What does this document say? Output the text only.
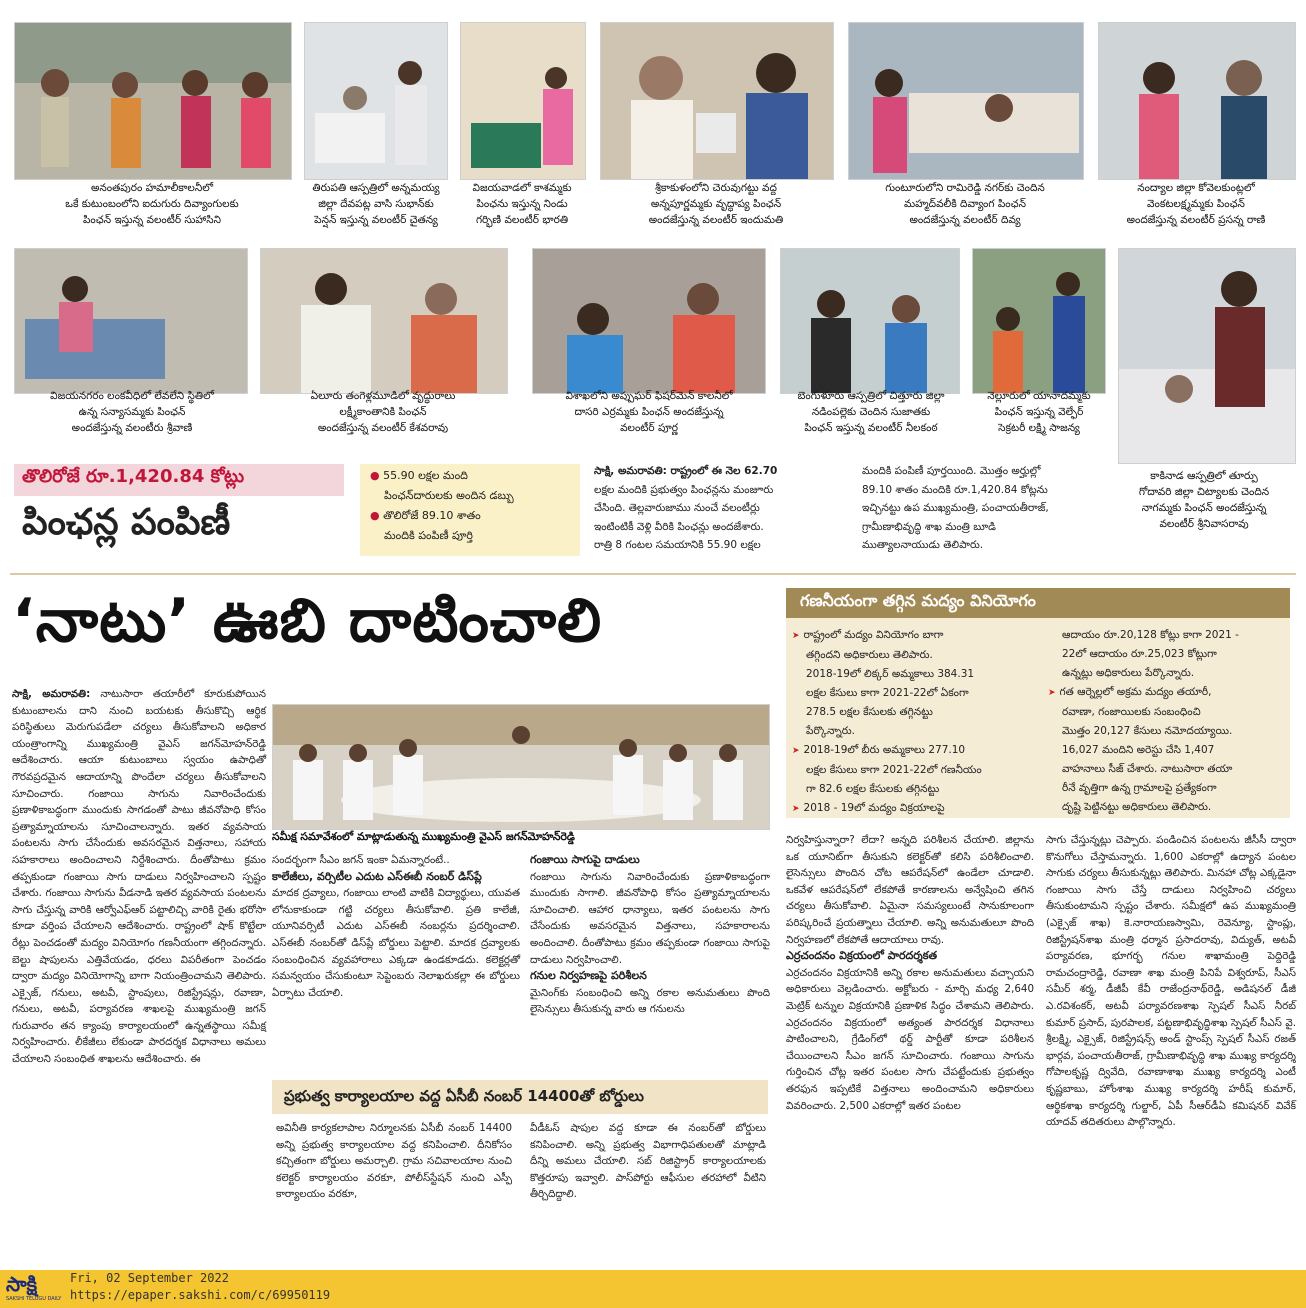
అనంతపురం హమాలీకాలనీలో
ఒకే కుటుంబంలోని ఐదుగురు దివ్యాంగులకు
పింఛన్‌ ఇస్తున్న వలంటీర్‌ సుహాసిని
తిరుపతి ఆస్పత్రిలో అన్నమయ్య
జిల్లా దేవపట్ల వాసి సుభాన్‌కు
పెన్షన్‌ ఇస్తున్న వలంటీర్‌ చైతన్య
విజయవాడలో కాశమ్మకు
పింఛను ఇస్తున్న నిండు
గర్భిణి వలంటీర్‌ భారతి
శ్రీకాకుళంలోని చెరువుగట్టు వద్ద
అన్నపూర్ణమ్మకు వృద్ధాప్య పింఛన్‌
అందజేస్తున్న వలంటీర్‌ ఇందుమతి
గుంటూరులోని రామిరెడ్డి నగర్‌కు చెందిన
మహ్మద్‌వలీకి దివ్యాంగ పింఛన్‌
అందజేస్తున్న వలంటీర్‌ దివ్య
నంద్యాల జిల్లా కోవెలకుంట్లలో
వెంకటలక్ష్మమ్మకు పింఛన్‌
అందజేస్తున్న వలంటీర్‌ ప్రసన్న రాణి
విజయనగరం లంకవీధిలో లేవలేని స్థితిలో
ఉన్న సన్యాసమ్మకు పింఛన్‌
అందజేస్తున్న వలంటీరు శ్రీవాణి
ఏలూరు తంగెళ్లమూడిలో వృద్ధురాలు
లక్ష్మీకాంతానికి పింఛన్‌
అందజేస్తున్న వలంటీర్‌ కేశవరావు
విశాఖలోని అప్పుఘర్‌ ఫిషర్‌మెన్‌ కాలనీలో
దాసరి ఎర్రమ్మకు పింఛన్‌ అందజేస్తున్న
వలంటీర్‌ పూర్ణ
బెంగుళూరు ఆస్పత్రిలో చిత్తూరు జిల్లా
నడింపల్లెకు చెందిన సుజాతకు
పింఛన్‌ ఇస్తున్న వలంటీర్‌ నీలకంఠ
నెల్లూరులో యానాదమ్మకు
పింఛన్‌ ఇస్తున్న వెల్ఫేర్‌
సెక్రటరీ లక్ష్మి సాజన్య
కాకినాడ ఆస్పత్రిలో తూర్పు
గోదావరి జిల్లా చిట్యాలకు చెందిన
నాగమ్మకు పింఛన్‌ అందజేస్తున్న
వలంటీర్‌ శ్రీనివాసరావు
తొలిరోజే రూ.1,420.84 కోట్లు
పింఛన్ల పంపిణీ
● 55.90 లక్షల మంది
పింఛన్‌దారులకు అందిన డబ్బు
● తొలిరోజే 89.10 శాతం
మందికి పంపిణీ పూర్తి
సాక్షి, అమరావతి: రాష్ట్రంలో ఈ నెల 62.70
లక్షల మందికి ప్రభుత్వం పింఛన్లను మంజూరు
చేసింది. తెల్లవారుజాము నుంచే వలంటీర్లు
ఇంటింటికీ వెళ్లి వీరికి పింఛన్లు అందజేశారు.
రాత్రి 8 గంటల సమయానికి 55.90 లక్షల
మందికి పంపిణీ పూర్తయింది. మొత్తం అర్హుల్లో
89.10 శాతం మందికి రూ.1,420.84 కోట్లను
ఇచ్చినట్టు ఉప ముఖ్యమంత్రి, పంచాయతీరాజ్,
గ్రామీణాభివృద్ధి శాఖ మంత్రి బూడి
ముత్యాలనాయుడు తెలిపారు.
‘నాటు’ ఊబి దాటించాలి	గణనీయంగా తగ్గిన మద్యం వినియోగం
➤ రాష్ట్రంలో మద్యం వినియోగం బాగా
తగ్గిందని అధికారులు తెలిపారు.
2018-19లో లిక్కర్‌ అమ్మకాలు 384.31
లక్షల కేసులు కాగా 2021-22లో ఏకంగా
278.5 లక్షల కేసులకు తగ్గినట్టు
పేర్కొన్నారు.
➤ 2018-19లో బీరు అమ్మకాలు 277.10
లక్షల కేసులు కాగా 2021-22లో గణనీయం
గా 82.6 లక్షల కేసులకు తగ్గినట్టు
➤ 2018 - 19లో మద్యం విక్రయాలపై
ఆదాయం రూ.20,128 కోట్లు కాగా 2021 -
22లో ఆదాయం రూ.25,023 కోట్లుగా
ఉన్నట్లు అధికారులు పేర్కొన్నారు.
➤ గత ఆర్నెల్లలో అక్రమ మద్యం తయారీ,
రవాణా, గంజాయిలకు సంబంధించి
మొత్తం 20,127 కేసులు నమోదయ్యాయి.
16,027 మందిని అరెస్టు చేసి 1,407
వాహనాలు సీజ్‌ చేశారు. నాటుసారా తయా
రీనే వృత్తిగా ఉన్న గ్రామాలపై ప్రత్యేకంగా
దృష్టి పెట్టినట్టు అధికారులు తెలిపారు.
సమీక్ష సమావేశంలో మాట్లాడుతున్న ముఖ్యమంత్రి వైఎస్‌ జగన్‌మోహన్‌రెడ్డి
సాక్షి, అమరావతి: నాటుసారా తయారీలో కూరుకుపోయిన కుటుంబాలను దాని నుంచి బయటకు తీసుకొచ్చి ఆర్థిక పరిస్థితులు మెరుగుపడేలా చర్యలు తీసుకోవాలని అధికార యంత్రాంగాన్ని ముఖ్యమంత్రి వైఎస్‌ జగన్‌మోహన్‌రెడ్డి ఆదేశించారు. ఆయా కుటుంబాలు స్వయం ఉపాధితో గౌరవప్రదమైన ఆదాయాన్ని పొందేలా చర్యలు తీసుకోవాలని సూచించారు. గంజాయి సాగును నివారించేందుకు ప్రణాళికాబద్ధంగా ముందుకు సాగడంతో పాటు జీవనోపాధి కోసం ప్రత్యామ్నాయాలను సూచించాలన్నారు. ఇతర వ్యవసాయ పంటలను సాగు చేసేందుకు అవసరమైన విత్తనాలు, సహాయ సహకారాలు అందించాలని నిర్దేశించారు. దీంతోపాటు క్రమం తప్పకుండా గంజాయి సాగు దాడులు నిర్వహించాలని స్పష్టం చేశారు. గంజాయి సాగును వీడనాడి ఇతర వ్యవసాయ పంటలను సాగు చేస్తున్న వారికి ఆర్వోఎఫ్‌ఆర్‌ పట్టాలిచ్చి వారికి రైతు భరోసా కూడా వర్తింప చేయాలని ఆదేశించారు. రాష్ట్రంలో షాక్‌ కొట్టేలా రేట్లు పెంచడంతో మద్యం వినియోగం గణనీయంగా తగ్గిందన్నారు. బెల్టు షాపులను ఎత్తివేయడం, ధరలు విపరీతంగా పెంచడం ద్వారా మద్యం వినియోగాన్ని బాగా నియంత్రించామని తెలిపారు. ఎక్సైజ్, గనులు, అటవీ, స్టాంపులు, రిజిస్ట్రేషన్లు, రవాణా, గనులు, అటవీ, పర్యావరణ శాఖలపై ముఖ్యమంత్రి జగన్‌ గురువారం తన క్యాంపు కార్యాలయంలో ఉన్నతస్థాయి సమీక్ష నిర్వహించారు. లీకేజీలు లేకుండా పారదర్శక విధానాలు అమలు చేయాలని సంబంధిత శాఖలను ఆదేశించారు. ఈ

సందర్భంగా సీఎం జగన్‌ ఇంకా ఏమన్నారంటే..

కాలేజీలు, వర్సిటీల ఎదుట ఎస్‌ఈబీ నంబర్‌ డిస్‌ప్లే

మాదక ద్రవ్యాలు, గంజాయి లాంటి వాటికి విద్యార్థులు, యువత లోనుకాకుండా గట్టి చర్యలు తీసుకోవాలి. ప్రతి కాలేజీ, యూనివర్సిటీ ఎదుట ఎస్‌ఈబీ నంబర్లను ప్రదర్శించాలి. ఎస్‌ఈబీ నంబర్‌తో డిస్‌ప్లే బోర్డులు పెట్టాలి. మాదక ద్రవ్యాలకు సంబంధించిన వ్యవహారాలు ఎక్కడా ఉండకూడదు. కలెక్టర్లతో సమన్వయం చేసుకుంటూ సెప్టెంబరు నెలాఖరుకల్లా ఈ బోర్డులు ఏర్పాటు చేయాలి.

గంజాయి సాగుపై దాడులు

గంజాయి సాగును నివారించేందుకు ప్రణాళికాబద్ధంగా ముందుకు సాగాలి. జీవనోపాధి కోసం ప్రత్యామ్నాయాలను సూచించాలి. ఆహార ధాన్యాలు, ఇతర పంటలను సాగు చేసేందుకు అవసరమైన విత్తనాలు, సహకారాలను అందించాలి. దీంతోపాటు క్రమం తప్పకుండా గంజాయి సాగుపై దాడులు నిర్వహించాలి.

గనుల నిర్వహణపై పరిశీలన

మైనింగ్‌కు సంబంధించి అన్ని రకాల అనుమతులు పొంది లైసెన్సులు తీసుకున్న వారు ఆ గనులను

నిర్వహిస్తున్నారా? లేదా? అన్నది పరిశీలన చేయాలి. జిల్లాను ఒక యూనిట్‌గా తీసుకుని కలెక్టర్‌తో కలిసి పరిశీలించాలి. లైసెన్సులు పొందిన చోట ఆపరేషన్‌లో ఉండేలా చూడాలి. ఒకవేళ ఆపరేషన్‌లో లేకపోతే కారణాలను అన్వేషించి తగిన చర్యలు తీసుకోవాలి. ఏమైనా సమస్యలుంటే సానుకూలంగా పరిష్కరించే ప్రయత్నాలు చేయాలి. అన్ని అనుమతులూ పొంది నిర్వహణలో లేకపోతే ఆదాయాలు రావు.

ఎర్రచందనం విక్రయంలో పారదర్శకత

ఎర్రచందనం విక్రయానికి అన్ని రకాల అనుమతులు వచ్చాయని అధికారులు వెల్లడించారు. అక్టోబరు - మార్చి మధ్య 2,640 మెట్రిక్‌ టన్నుల విక్రయానికి ప్రణాళిక సిద్ధం చేశామని తెలిపారు. ఎర్రచందనం విక్రయంలో అత్యంత పారదర్శక విధానాలు పాటించాలని, గ్రేడింగ్‌లో థర్డ్‌ పార్టీతో కూడా పరిశీలన చేయించాలని సీఎం జగన్‌ సూచించారు. గంజాయి సాగును గుర్తించిన చోట్ల ఇతర పంటల సాగు చేపట్టేందుకు ప్రభుత్వం తరఫున ఇప్పటికే విత్తనాలు అందించామని అధికారులు వివరించారు. 2,500 ఎకరాల్లో ఇతర పంటల

సాగు చేస్తున్నట్లు చెప్పారు. పండించిన పంటలను జీసీసీ ద్వారా కొనుగోలు చేస్తామన్నారు. 1,600 ఎకరాల్లో ఉద్యాన పంటల సాగుకు చర్యలు తీసుకున్నట్లు తెలిపారు. మినహా చోట్ల ఎక్కడైనా గంజాయి సాగు చేస్తే దాడులు నిర్వహించి చర్యలు తీసుకుంటామని స్పష్టం చేశారు. సమీక్షలో ఉప ముఖ్యమంత్రి (ఎక్సైజ్‌ శాఖ) కె.నారాయణస్వామి, రెవెన్యూ, స్టాంప్లు, రిజిస్ట్రేషన్‌శాఖ మంత్రి ధర్మాన ప్రసాదరావు, విద్యుత్, అటవీ పర్యావరణ, భూగర్భ గనుల శాఖామంత్రి పెద్దిరెడ్డి రామచంద్రారెడ్డి, రవాణా శాఖ మంత్రి పినిపే విశ్వరూప్, సీఎస్‌ సమీర్‌ శర్మ, డీజీపీ కేవీ రాజేంద్రనాథ్‌రెడ్డి, అడిషనల్‌ డీజీ ఎ.రవిశంకర్, అటవీ పర్యావరణశాఖ స్పెషల్‌ సీఎస్‌ నీరబ్‌ కుమార్‌ ప్రసాద్, పురపాలక, పట్టణాభివృద్ధిశాఖ స్పెషల్‌ సీఎస్‌ వై. శ్రీలక్ష్మి, ఎక్సైజ్, రిజిస్ట్రేషన్స్‌ అండ్‌ స్టాంప్స్‌ స్పెషల్‌ సీఎస్‌ రజత్‌ భార్గవ, పంచాయతీరాజ్, గ్రామీణాభివృద్ధి శాఖ ముఖ్య కార్యదర్శి గోపాలకృష్ణ ద్వివేది, రవాణాశాఖ ముఖ్య కార్యదర్శి ఎంటీ కృష్ణబాబు, హోంశాఖ ముఖ్య కార్యదర్శి హరీష్‌ కుమార్, ఆర్థికశాఖ కార్యదర్శి గుల్జార్, ఏపీ సీఆర్‌డీఏ కమిషనర్‌ వివేక్‌ యాదవ్‌ తదితరులు పాల్గొన్నారు.

ప్రభుత్వ కార్యాలయాల వద్ద ఏసీబీ నంబర్‌ 14400తో బోర్డులు
అవినీతి కార్యకలాపాల నిర్మూలనకు ఏసీబీ నంబర్‌ 14400 అన్ని ప్రభుత్వ కార్యాలయాల వద్ద కనిపించాలి. దీనికోసం కచ్చితంగా బోర్డులు అమర్చాలి. గ్రామ సచివాలయాల నుంచి కలెక్టర్‌ కార్యాలయం వరకూ, పోలీస్‌స్టేషన్‌ నుంచి ఎస్పీ కార్యాలయం వరకూ,
వీడీఓస్‌ షాపుల వద్ద కూడా ఈ నంబర్‌తో బోర్డులు కనిపించాలి. అన్ని ప్రభుత్వ విభాగాధిపతులతో మాట్లాడి దీన్ని అమలు చేయాలి. సబ్‌ రిజిస్ట్రార్‌ కార్యాలయాలకు కొత్తరూపు ఇవ్వాలి. పాస్‌పోర్టు ఆఫీసుల తరహాలో వీటిని తీర్చిదిద్దాలి.
సాక్షి
SAKSHI TELUGU DAILY
Fri, 02 September 2022
https://epaper.sakshi.com/c/69950119
